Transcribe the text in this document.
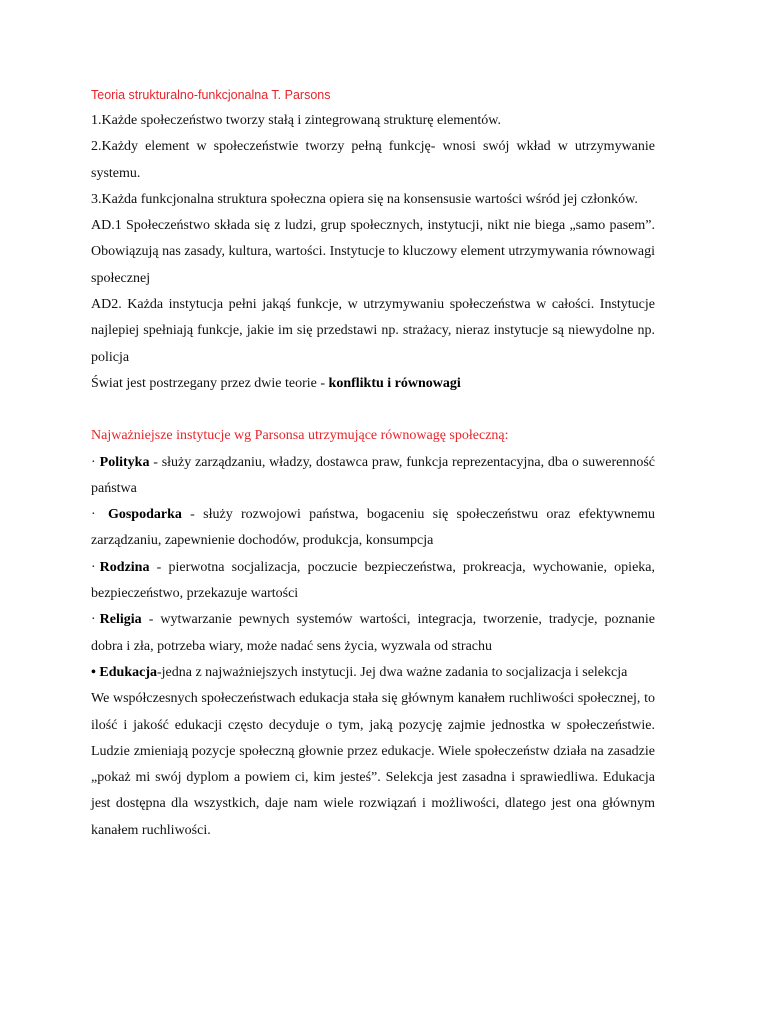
Teoria strukturalno-funkcjonalna T. Parsons

1.Każde społeczeństwo tworzy stałą i zintegrowaną strukturę elementów.

2.Każdy element w społeczeństwie tworzy pełną funkcję- wnosi swój wkład w utrzymywanie systemu.

3.Każda funkcjonalna struktura społeczna opiera się na konsensusie wartości wśród jej członków.

AD.1 Społeczeństwo składa się z ludzi, grup społecznych, instytucji, nikt nie biega „samo pasem”. Obowiązują nas zasady, kultura, wartości. Instytucje to kluczowy element utrzymywania równowagi społecznej

AD2. Każda instytucja pełni jakąś funkcje, w utrzymywaniu społeczeństwa w całości. Instytucje najlepiej spełniają funkcje, jakie im się przedstawi np. strażacy, nieraz instytucje są niewydolne np. policja

Świat jest postrzegany przez dwie teorie - konfliktu i równowagi

Najważniejsze instytucje wg Parsonsa utrzymujące równowagę społeczną:

· Polityka - służy zarządzaniu, władzy, dostawca praw, funkcja reprezentacyjna, dba o suwerenność państwa

· Gospodarka - służy rozwojowi państwa, bogaceniu się społeczeństwu oraz efektywnemu zarządzaniu, zapewnienie dochodów, produkcja, konsumpcja

· Rodzina - pierwotna socjalizacja, poczucie bezpieczeństwa, prokreacja, wychowanie, opieka, bezpieczeństwo, przekazuje wartości

· Religia - wytwarzanie pewnych systemów wartości, integracja, tworzenie, tradycje, poznanie dobra i zła, potrzeba wiary, może nadać sens życia, wyzwala od strachu

• Edukacja-jedna z najważniejszych instytucji. Jej dwa ważne zadania to socjalizacja i selekcja

We współczesnych społeczeństwach edukacja stała się głównym kanałem ruchliwości społecznej, to ilość i jakość edukacji często decyduje o tym, jaką pozycję zajmie jednostka w społeczeństwie. Ludzie zmieniają pozycje społeczną głownie przez edukacje. Wiele społeczeństw działa na zasadzie „pokaż mi swój dyplom a powiem ci, kim jesteś”. Selekcja jest zasadna i sprawiedliwa. Edukacja jest dostępna dla wszystkich, daje nam wiele rozwiązań i możliwości, dlatego jest ona głównym kanałem ruchliwości.
